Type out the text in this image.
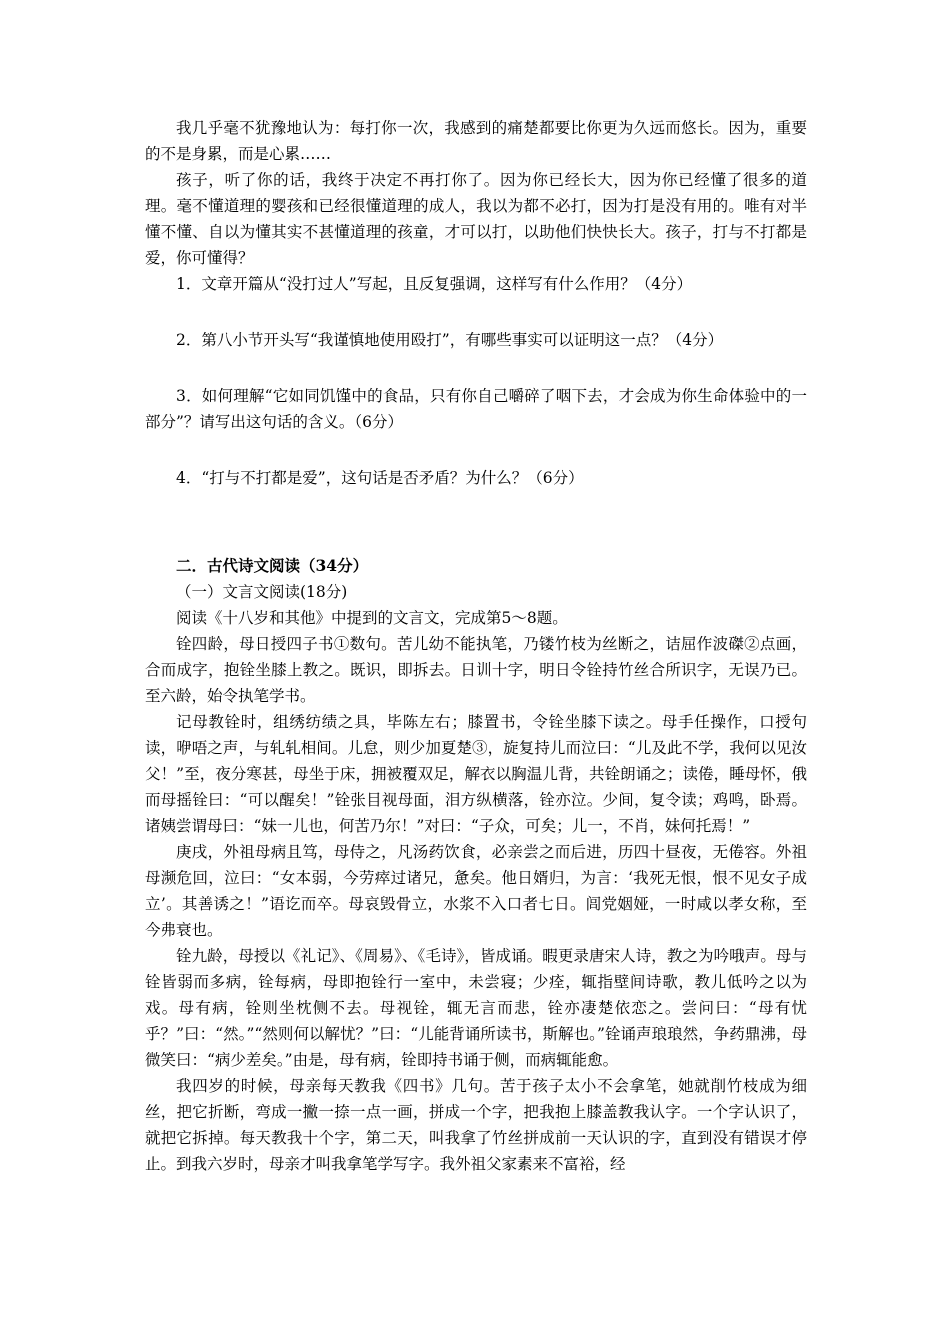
我几乎毫不犹豫地认为：每打你一次，我感到的痛楚都要比你更为久远而悠长。因为，重要的不是身累，而是心累……

孩子，听了你的话，我终于决定不再打你了。因为你已经长大，因为你已经懂了很多的道理。毫不懂道理的婴孩和已经很懂道理的成人，我以为都不必打，因为打是没有用的。唯有对半懂不懂、自以为懂其实不甚懂道理的孩童，才可以打，以助他们快快长大。孩子，打与不打都是爱，你可懂得？

1．文章开篇从“没打过人”写起，且反复强调，这样写有什么作用？（4分）

2．第八小节开头写“我谨慎地使用殴打”，有哪些事实可以证明这一点？（4分）

3．如何理解“它如同饥馑中的食品，只有你自己嚼碎了咽下去，才会成为你生命体验中的一部分”？请写出这句话的含义。（6分）

4．“打与不打都是爱”，这句话是否矛盾？为什么？（6分）

二．古代诗文阅读（34分）

（一）文言文阅读(18分)

阅读《十八岁和其他》中提到的文言文，完成第5～8题。

铨四龄，母日授四子书①数句。苦儿幼不能执笔，乃镂竹枝为丝断之，诘屈作波磔②点画，合而成字，抱铨坐膝上教之。既识，即拆去。日训十字，明日令铨持竹丝合所识字，无误乃已。至六龄，始令执笔学书。

记母教铨时，组绣纺绩之具，毕陈左右；膝置书，令铨坐膝下读之。母手任操作，口授句读，咿唔之声，与轧轧相间。儿怠，则少加夏楚③，旋复持儿而泣曰：“儿及此不学，我何以见汝父！”至，夜分寒甚，母坐于床，拥被覆双足，解衣以胸温儿背，共铨朗诵之；读倦，睡母怀，俄而母摇铨曰：“可以醒矣！”铨张目视母面，泪方纵横落，铨亦泣。少间，复令读；鸡鸣，卧焉。诸姨尝谓母曰：“妹一儿也，何苦乃尔！”对曰：“子众，可矣；儿一，不肖，妹何托焉！”

庚戌，外祖母病且笃，母侍之，凡汤药饮食，必亲尝之而后进，历四十昼夜，无倦容。外祖母濒危回，泣曰：“女本弱，今劳瘁过诸兄，惫矣。他日婿归，为言：‘我死无恨，恨不见女子成立’。其善诱之！”语讫而卒。母哀毁骨立，水浆不入口者七日。闾党姻娅，一时咸以孝女称，至今弗衰也。

铨九龄，母授以《礼记》、《周易》、《毛诗》，皆成诵。暇更录唐宋人诗，教之为吟哦声。母与铨皆弱而多病，铨每病，母即抱铨行一室中，未尝寝；少痊，辄指壁间诗歌，教儿低吟之以为戏。母有病，铨则坐枕侧不去。母视铨，辄无言而悲，铨亦凄楚依恋之。尝问曰：“母有忧乎？”曰：“然。”“然则何以解忧？”曰：“儿能背诵所读书，斯解也。”铨诵声琅琅然，争药鼎沸，母微笑曰：“病少差矣。”由是，母有病，铨即持书诵于侧，而病辄能愈。

我四岁的时候，母亲每天教我《四书》几句。苦于孩子太小不会拿笔，她就削竹枝成为细丝，把它折断，弯成一撇一捺一点一画，拼成一个字，把我抱上膝盖教我认字。一个字认识了，就把它拆掉。每天教我十个字，第二天，叫我拿了竹丝拼成前一天认识的字，直到没有错误才停止。到我六岁时，母亲才叫我拿笔学写字。我外祖父家素来不富裕，经
